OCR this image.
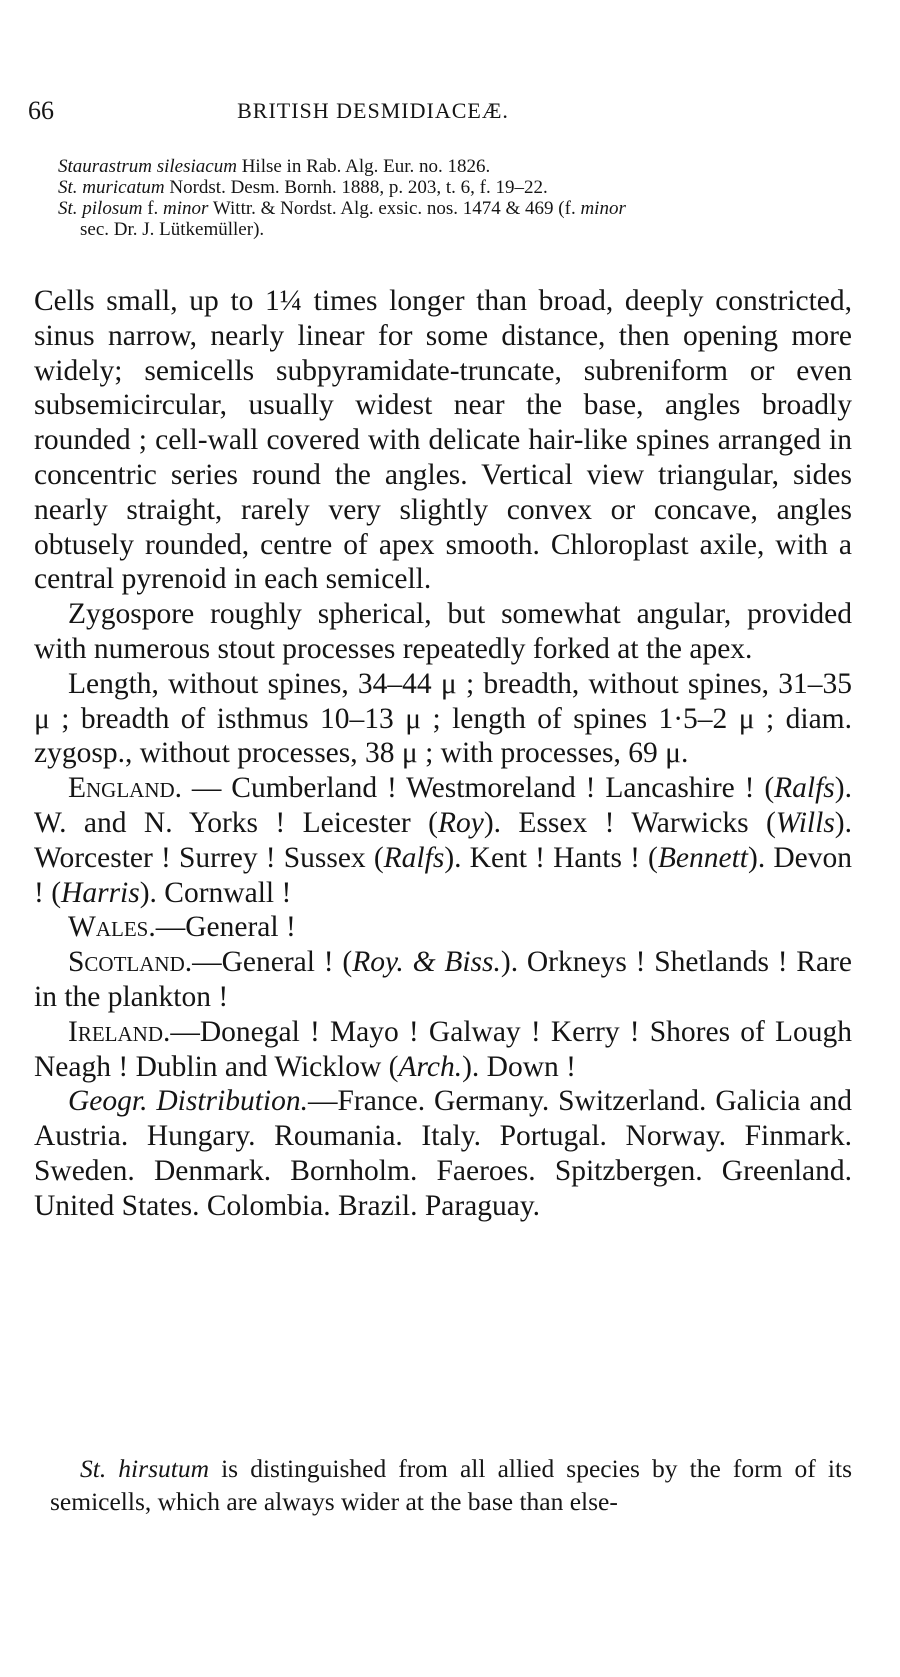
66	BRITISH DESMIDIACEÆ.

Staurastrum silesiacum Hilse in Rab. Alg. Eur. no. 1826.

St. muricatum Nordst. Desm. Bornh. 1888, p. 203, t. 6, f. 19–22.

St. pilosum f. minor Wittr. & Nordst. Alg. exsic. nos. 1474 & 469 (f. minor

sec. Dr. J. Lütkemüller).

Cells small, up to 1¼ times longer than broad, deeply constricted, sinus narrow, nearly linear for some distance, then opening more widely; semicells subpyramidate-truncate, subreniform or even subsemicircular, usually widest near the base, angles broadly rounded ; cell-wall covered with delicate hair-like spines arranged in concentric series round the angles. Vertical view triangular, sides nearly straight, rarely very slightly convex or concave, angles obtusely rounded, centre of apex smooth. Chloroplast axile, with a central pyrenoid in each semicell.

Zygospore roughly spherical, but somewhat angular, provided with numerous stout processes repeatedly forked at the apex.

Length, without spines, 34–44 μ ; breadth, without spines, 31–35 μ ; breadth of isthmus 10–13 μ ; length of spines 1·5–2 μ ; diam. zygosp., without processes, 38 μ ; with processes, 69 μ.

England. — Cumberland ! Westmoreland ! Lancashire ! (Ralfs). W. and N. Yorks ! Leicester (Roy). Essex ! Warwicks (Wills). Worcester ! Surrey ! Sussex (Ralfs). Kent ! Hants ! (Bennett). Devon ! (Harris). Cornwall !

Wales.—General !

Scotland.—General ! (Roy. & Biss.). Orkneys ! Shetlands ! Rare in the plankton !

Ireland.—Donegal ! Mayo ! Galway ! Kerry ! Shores of Lough Neagh ! Dublin and Wicklow (Arch.). Down !

Geogr. Distribution.—France. Germany. Switzerland. Galicia and Austria. Hungary. Roumania. Italy. Portugal. Norway. Finmark. Sweden. Denmark. Bornholm. Faeroes. Spitzbergen. Greenland. United States. Colombia. Brazil. Paraguay.

St. hirsutum is distinguished from all allied species by the form of its semicells, which are always wider at the base than else-
